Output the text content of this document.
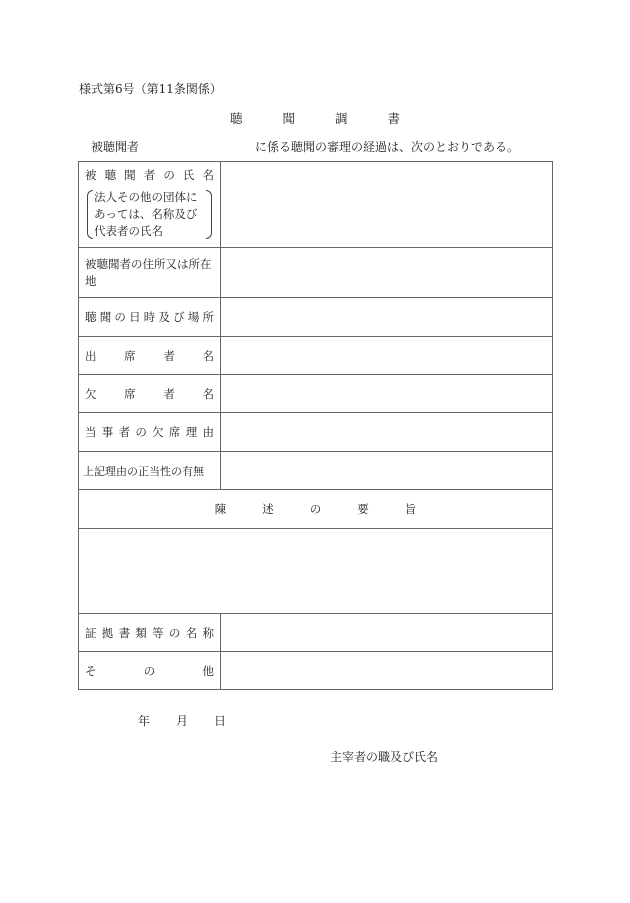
様式第6号（第11条関係）
聴	聞	調	書
被聴聞者	に係る聴聞の審理の経過は、次のとおりである。
被 聴 聞 者 の 氏 名
法人その他の団体に
あっては、名称及び
代表者の氏名

被聴聞者の住所又は所在
地	

聴 聞 の 日 時 及 び 場 所

出 席 者 名	

欠 席 者 名	

当 事 者 の 欠 席 理 由

上記理由の正当性の有無	

陳 述 の 要 旨	

証 拠 書 類 等 の 名 称

そ の 他	

年 月 日
主宰者の職及び氏名
